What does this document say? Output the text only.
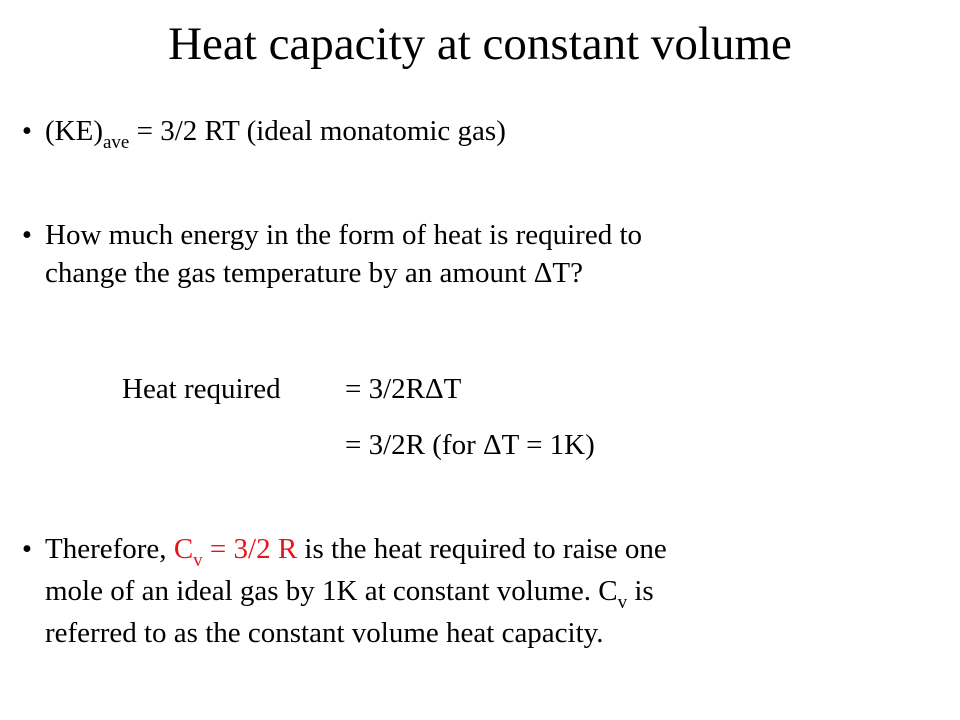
Heat capacity at constant volume
• $(KE)_{ave} = 3/2$ RT (ideal monatomic gas)
• How much energy in the form of heat is required to
change the gas temperature by an amount ΔT?
Heat required = 3/2RΔT
= 3/2R (for ΔT = 1K)
• Therefore, $C_v = 3/2$ R is the heat required to raise one
mole of an ideal gas by 1K at constant volume. $C_v$ is
referred to as the constant volume heat capacity.
